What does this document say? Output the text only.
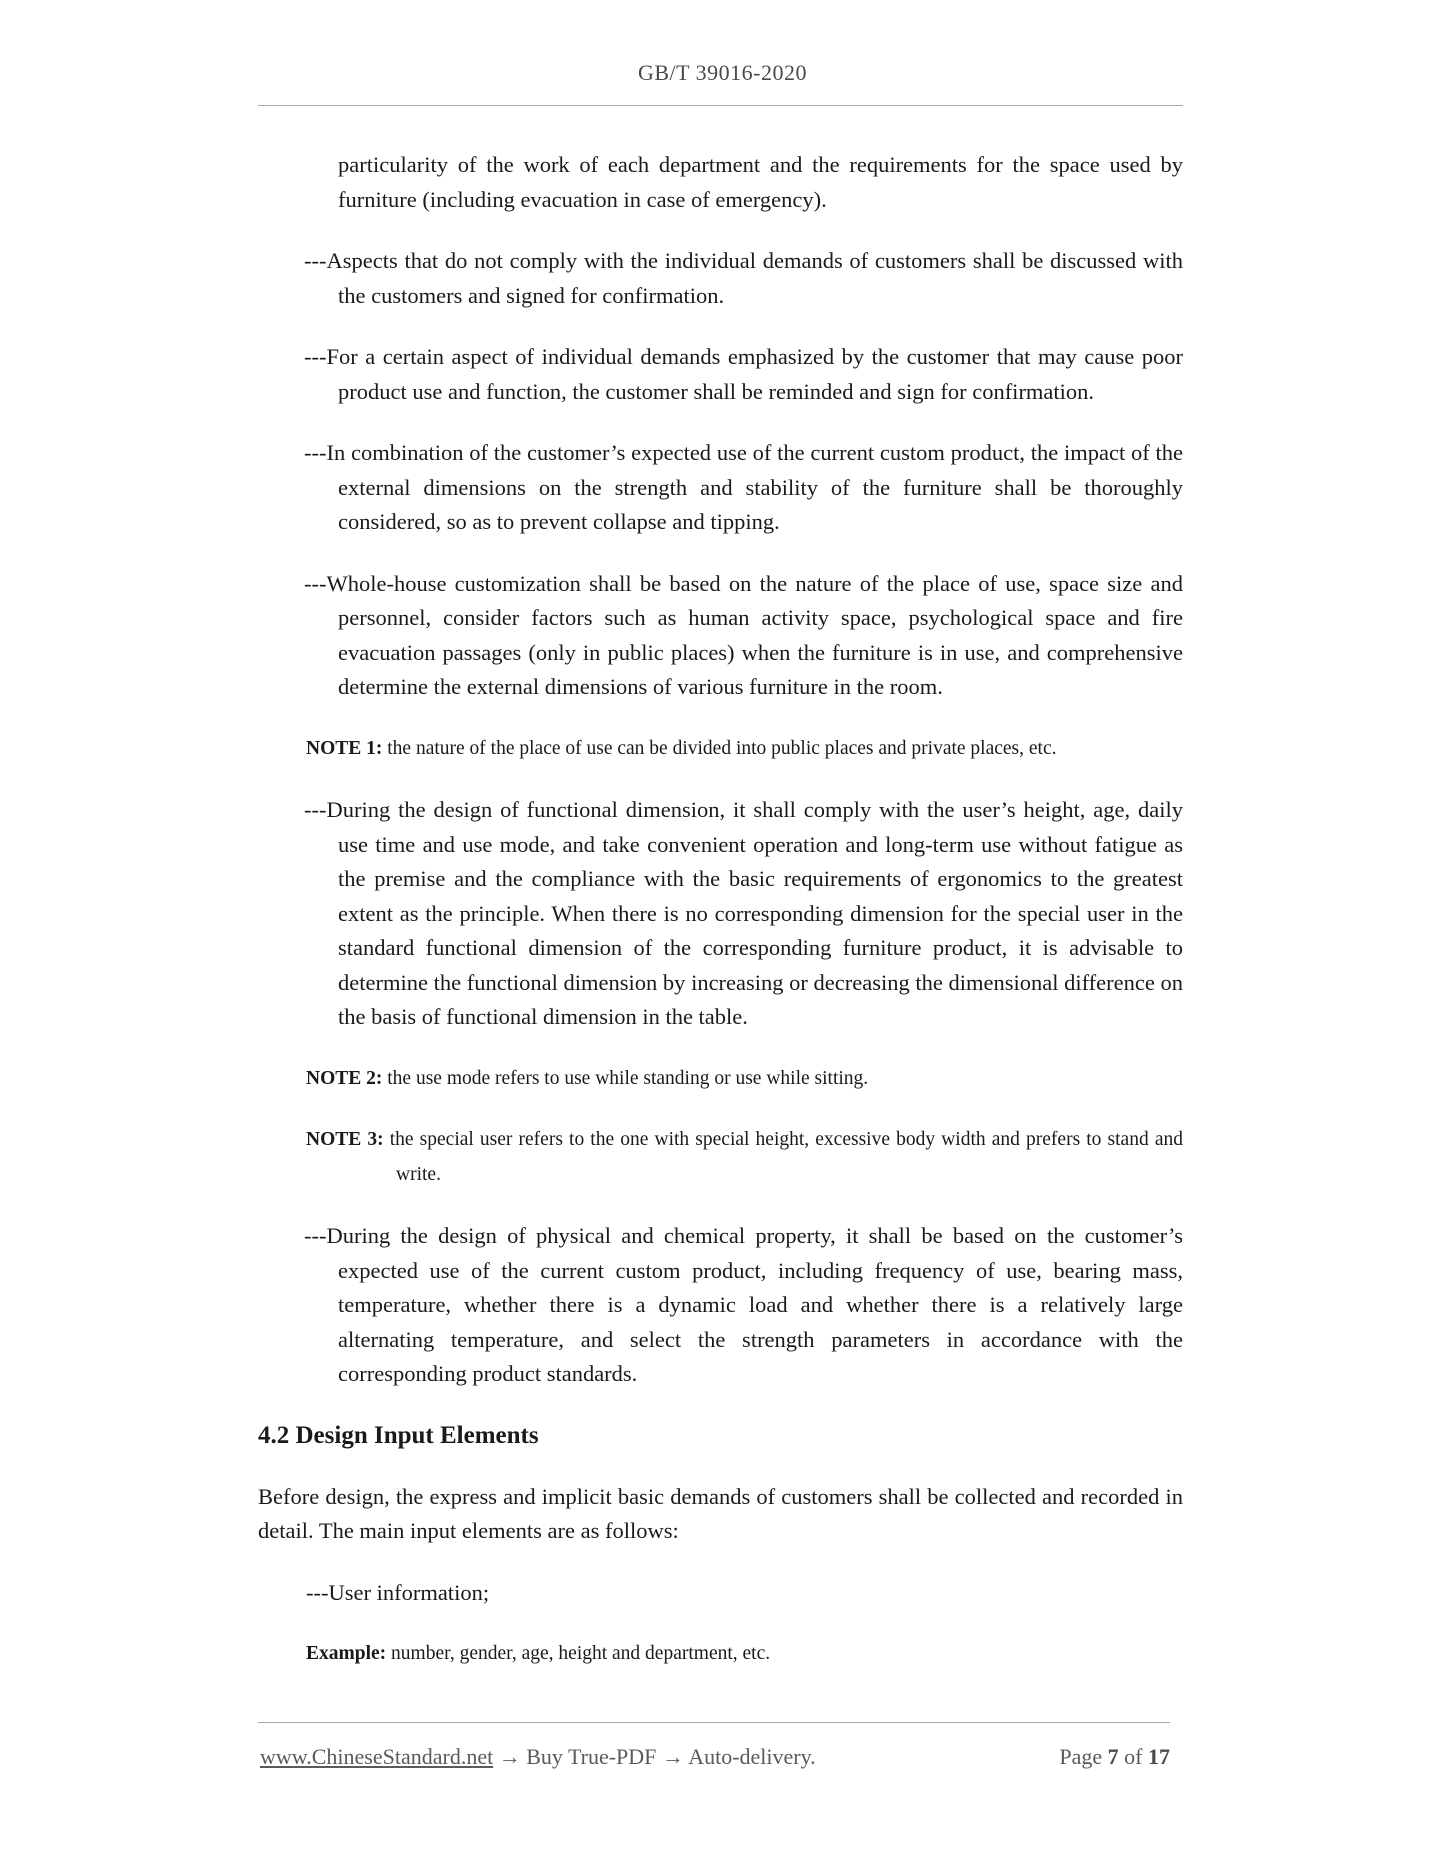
GB/T 39016-2020

particularity of the work of each department and the requirements for the space used by furniture (including evacuation in case of emergency).

---Aspects that do not comply with the individual demands of customers shall be discussed with the customers and signed for confirmation.

---For a certain aspect of individual demands emphasized by the customer that may cause poor product use and function, the customer shall be reminded and sign for confirmation.

---In combination of the customer’s expected use of the current custom product, the impact of the external dimensions on the strength and stability of the furniture shall be thoroughly considered, so as to prevent collapse and tipping.

---Whole-house customization shall be based on the nature of the place of use, space size and personnel, consider factors such as human activity space, psychological space and fire evacuation passages (only in public places) when the furniture is in use, and comprehensive determine the external dimensions of various furniture in the room.

NOTE 1: the nature of the place of use can be divided into public places and private places, etc.

---During the design of functional dimension, it shall comply with the user’s height, age, daily use time and use mode, and take convenient operation and long-term use without fatigue as the premise and the compliance with the basic requirements of ergonomics to the greatest extent as the principle. When there is no corresponding dimension for the special user in the standard functional dimension of the corresponding furniture product, it is advisable to determine the functional dimension by increasing or decreasing the dimensional difference on the basis of functional dimension in the table.

NOTE 2: the use mode refers to use while standing or use while sitting.

NOTE 3: the special user refers to the one with special height, excessive body width and prefers to stand and write.

---During the design of physical and chemical property, it shall be based on the customer’s expected use of the current custom product, including frequency of use, bearing mass, temperature, whether there is a dynamic load and whether there is a relatively large alternating temperature, and select the strength parameters in accordance with the corresponding product standards.

4.2 Design Input Elements

Before design, the express and implicit basic demands of customers shall be collected and recorded in detail. The main input elements are as follows:

---User information;

Example: number, gender, age, height and department, etc.

www.ChineseStandard.net → Buy True-PDF → Auto-delivery.	Page 7 of 17
